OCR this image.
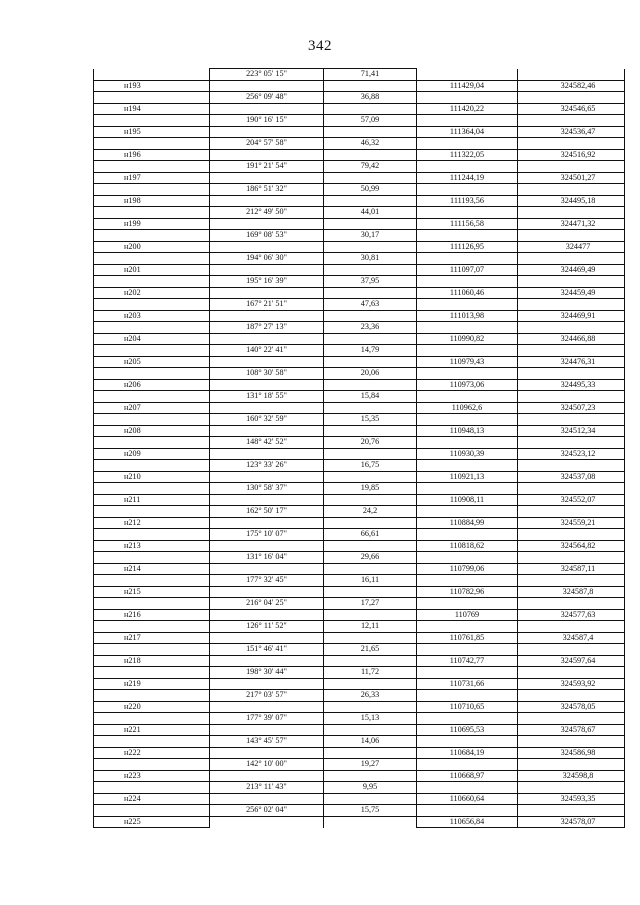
342
	223° 05' 15"	71,41		
н193			111429,04	324582,46
	256° 09' 48"	36,88		
н194			111420,22	324546,65
	190° 16' 15"	57,09		
н195			111364,04	324536,47
	204° 57' 58"	46,32		
н196			111322,05	324516,92
	191° 21' 54"	79,42		
н197			111244,19	324501,27
	186° 51' 32"	50,99		
н198			111193,56	324495,18
	212° 49' 50"	44,01		
н199			111156,58	324471,32
	169° 08' 53"	30,17		
н200			111126,95	324477
	194° 06' 30"	30,81		
н201			111097,07	324469,49
	195° 16' 39"	37,95		
н202			111060,46	324459,49
	167° 21' 51"	47,63		
н203			111013,98	324469,91
	187° 27' 13"	23,36		
н204			110990,82	324466,88
	140° 22' 41"	14,79		
н205			110979,43	324476,31
	108° 30' 58"	20,06		
н206			110973,06	324495,33
	131° 18' 55"	15,84		
н207			110962,6	324507,23
	160° 32' 59"	15,35		
н208			110948,13	324512,34
	148° 42' 52"	20,76		
н209			110930,39	324523,12
	123° 33' 26"	16,75		
н210			110921,13	324537,08
	130° 58' 37"	19,85		
н211			110908,11	324552,07
	162° 50' 17"	24,2		
н212			110884,99	324559,21
	175° 10' 07"	66,61		
н213			110818,62	324564,82
	131° 16' 04"	29,66		
н214			110799,06	324587,11
	177° 32' 45"	16,11		
н215			110782,96	324587,8
	216° 04' 25"	17,27		
н216			110769	324577,63
	126° 11' 52"	12,11		
н217			110761,85	324587,4
	151° 46' 41"	21,65		
н218			110742,77	324597,64
	198° 30' 44"	11,72		
н219			110731,66	324593,92
	217° 03' 57"	26,33		
н220			110710,65	324578,05
	177° 39' 07"	15,13		
н221			110695,53	324578,67
	143° 45' 57"	14,06		
н222			110684,19	324586,98
	142° 10' 00"	19,27		
н223			110668,97	324598,8
	213° 11' 43"	9,95		
н224			110660,64	324593,35
	256° 02' 04"	15,75		
н225			110656,84	324578,07
